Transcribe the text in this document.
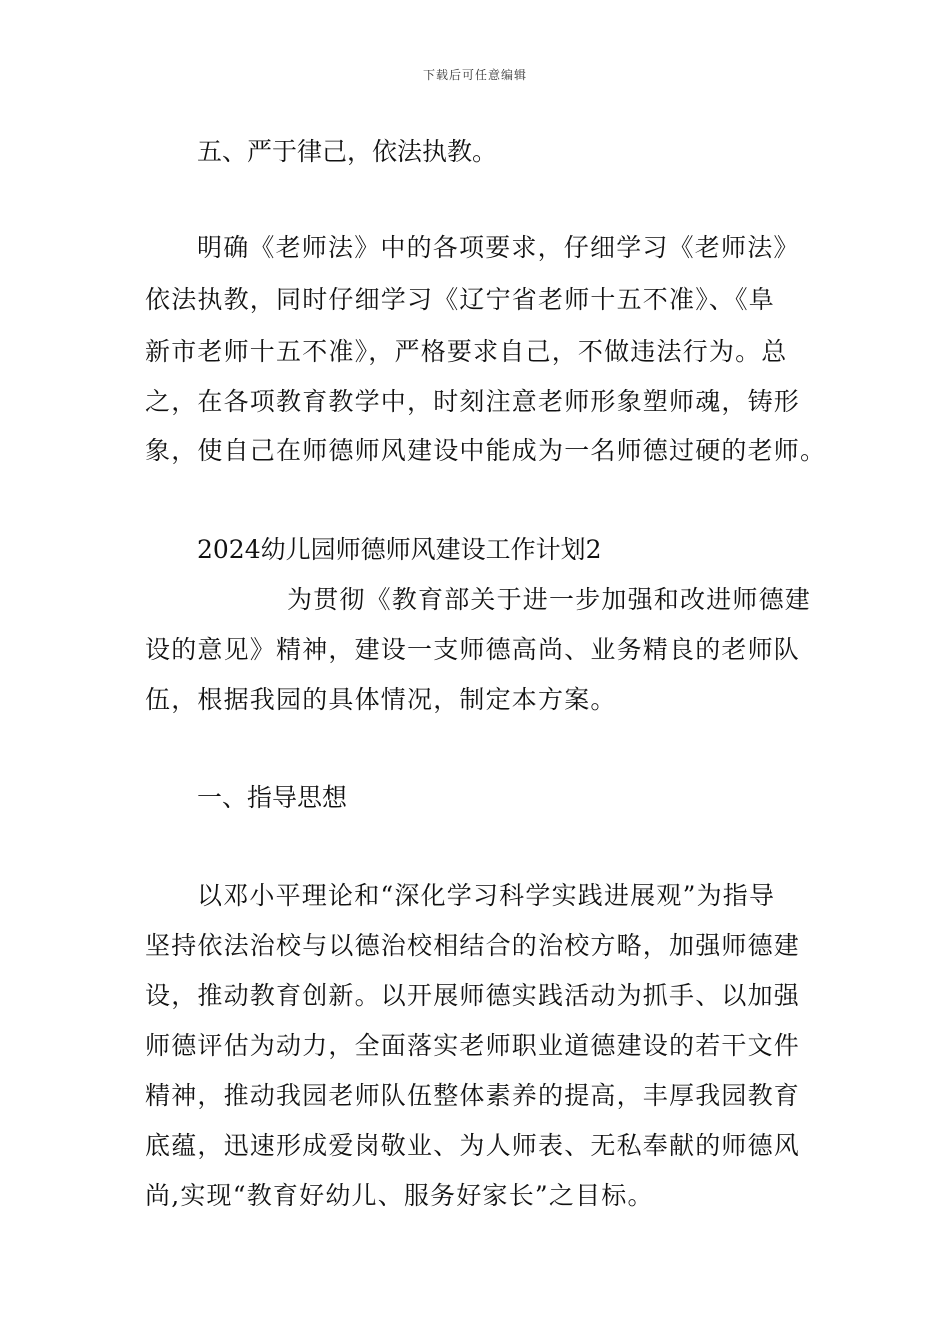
下载后可任意编辑
五、严于律己，依法执教。
明确《老师法》中的各项要求，仔细学习《老师法》
依法执教，同时仔细学习《辽宁省老师十五不准》、《阜
新市老师十五不准》，严格要求自己，不做违法行为。总
之，在各项教育教学中，时刻注意老师形象塑师魂，铸形
象，使自己在师德师风建设中能成为一名师德过硬的老师。
2024幼儿园师德师风建设工作计划2
为贯彻《教育部关于进一步加强和改进师德建
设的意见》精神，建设一支师德高尚、业务精良的老师队
伍，根据我园的具体情况，制定本方案。
一、指导思想
以邓小平理论和“深化学习科学实践进展观”为指导
坚持依法治校与以德治校相结合的治校方略，加强师德建
设，推动教育创新。以开展师德实践活动为抓手、以加强
师德评估为动力，全面落实老师职业道德建设的若干文件
精神，推动我园老师队伍整体素养的提高，丰厚我园教育
底蕴，迅速形成爱岗敬业、为人师表、无私奉献的师德风
尚,实现“教育好幼儿、服务好家长”之目标。
